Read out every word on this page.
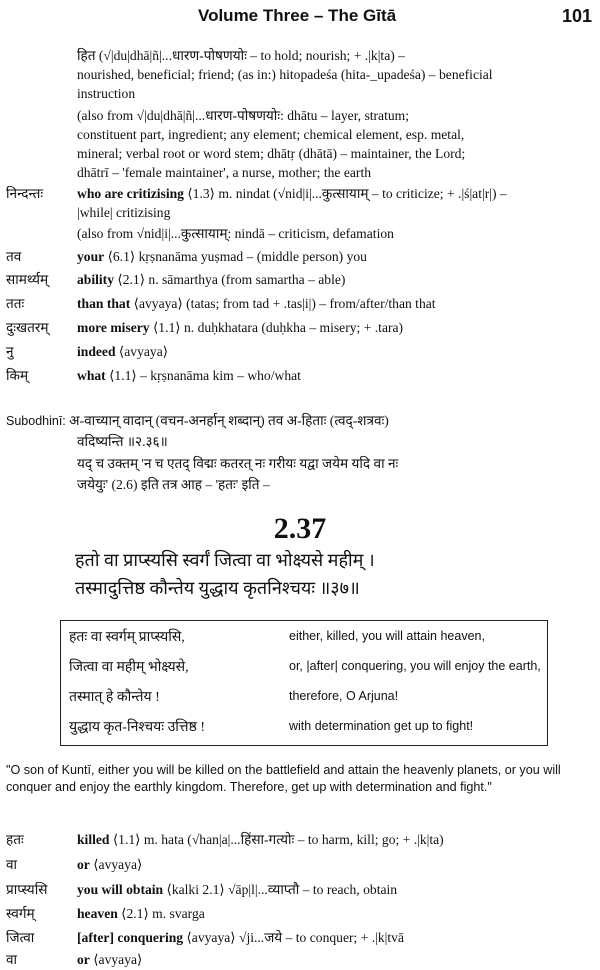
Volume Three – The Gītā	101
हित (√|du|dhā|ñ|...धारण-पोषणयोः – to hold; nourish; + .|k|ta) –
nourished, beneficial; friend; (as in:) hitopadeśa (hita-_upadeśa) – beneficial
instruction
(also from √|du|dhā|ñ|...धारण-पोषणयोः: dhātu – layer, stratum;
constituent part, ingredient; any element; chemical element, esp. metal,
mineral; verbal root or word stem; dhātṛ (dhātā) – maintainer, the Lord;
dhātrī – 'female maintainer', a nurse, mother; the earth
निन्दन्तः	who are critizising ⟨1.3⟩ m. nindat (√nid|i|...कुत्सायाम् – to criticize; + .|ś|at|r|) –
|while| critizising
(also from √nid|i|...कुत्सायाम्: nindā – criticism, defamation
तव	your ⟨6.1⟩ kṛṣnanāma yuṣmad – (middle person) you
सामर्थ्यम्	ability ⟨2.1⟩ n. sāmarthya (from samartha – able)
ततः	than that ⟨avyaya⟩ (tatas; from tad + .tas|i|) – from/after/than that
दुःखतरम्	more misery ⟨1.1⟩ n. duḥkhatara (duḥkha – misery; + .tara)
नु	indeed ⟨avyaya⟩
किम्	what ⟨1.1⟩ – kṛṣnanāma kim – who/what
Subodhinī: अ-वाच्यान् वादान् (वचन-अनर्हान् शब्दान्) तव अ-हिताः (त्वद्-शत्रवः)
वदिष्यन्ति ॥२.३६॥
यद् च उक्तम् 'न च एतद् विद्मः कतरत् नः गरीयः यद्वा जयेम यदि वा नः
जयेयुः' (2.6) इति तत्र आह – 'हतः' इति –
2.37
हतो वा प्राप्स्यसि स्वर्गं जित्वा वा भोक्ष्यसे महीम् ।
तस्मादुत्तिष्ठ कौन्तेय युद्धाय कृतनिश्चयः ॥३७॥
हतः वा स्वर्गम् प्राप्स्यसि,	either, killed, you will attain heaven,
जित्वा वा महीम् भोक्ष्यसे,	or, |after| conquering, you will enjoy the earth,
तस्मात् हे कौन्तेय !	therefore, O Arjuna!
युद्धाय कृत-निश्चयः उत्तिष्ठ !	with determination get up to fight!
"O son of Kuntī, either you will be killed on the battlefield and attain the heavenly planets, or you will conquer and enjoy the earthly kingdom. Therefore, get up with determination and fight."
हतः	killed ⟨1.1⟩ m. hata (√han|a|...हिंसा-गत्योः – to harm, kill; go; + .|k|ta)
वा	or ⟨avyaya⟩
प्राप्स्यसि	you will obtain ⟨kalki 2.1⟩ √āp|l|...व्याप्तौ – to reach, obtain
स्वर्गम्	heaven ⟨2.1⟩ m. svarga
जित्वा	[after] conquering ⟨avyaya⟩ √ji...जये – to conquer; + .|k|tvā
वा	or ⟨avyaya⟩
